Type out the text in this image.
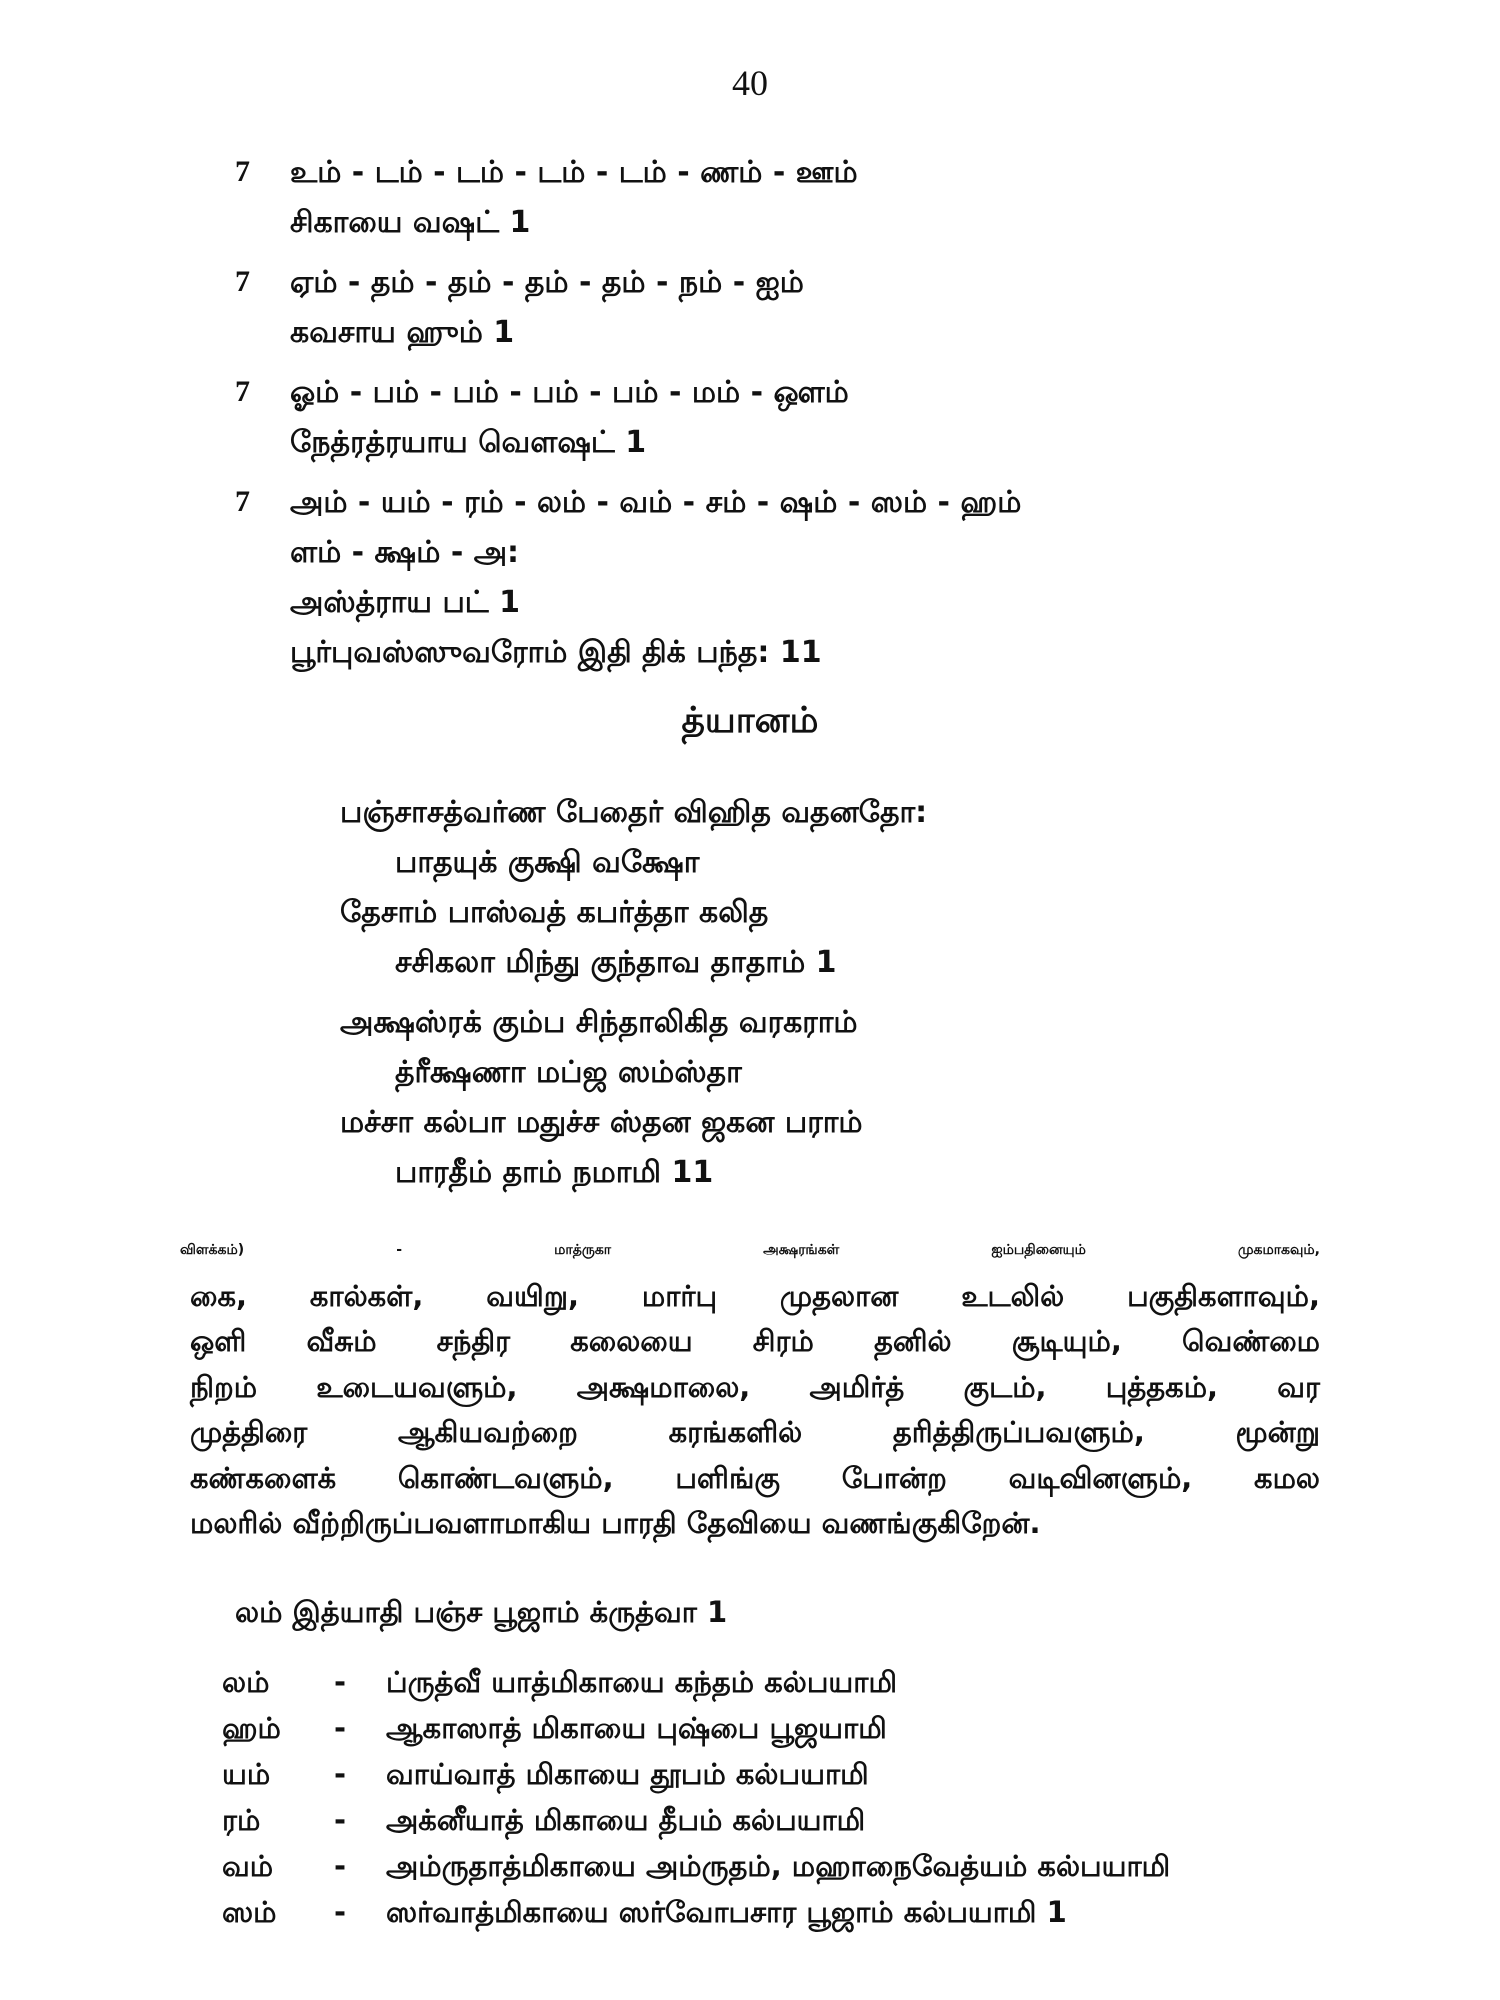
40
7 உம் - டம் - டம் - டம் - டம் - ணம் - ஊம்
சிகாயை வஷட் 1
7 ஏம் - தம் - தம் - தம் - தம் - நம் - ஐம்
கவசாய ஹும் 1
7 ஓம் - பம் - பம் - பம் - பம் - மம் - ஔம்
நேத்ரத்ரயாய வௌஷட் 1
7 அம் - யம் - ரம் - லம் - வம் - சம் - ஷம் - ஸம் - ஹம்
ளம் - க்ஷம் - அ:
அஸ்த்ராய பட் 1
பூர்புவஸ்ஸுவரோம் இதி திக் பந்த: 11
த்யானம்
பஞ்சாசத்வர்ண பேதைர் விஹித வதனதோ:
பாதயுக் குக்ஷி வக்ஷோ
தேசாம் பாஸ்வத் கபர்த்தா கலித
சசிகலா மிந்து குந்தாவ தாதாம் 1
அக்ஷஸ்ரக் கும்ப சிந்தாலிகித வரகராம்
த்ரீக்ஷணா மப்ஜ ஸம்ஸ்தா
மச்சா கல்பா மதுச்ச ஸ்தன ஜகன பராம்
பாரதீம் தாம் நமாமி 11
விளக்கம்) - மாத்ருகா அக்ஷரங்கள் ஐம்பதினையும் முகமாகவும்,
கை, கால்கள், வயிறு, மார்பு முதலான உடலில் பகுதிகளாவும்,
ஒளி வீசும் சந்திர கலையை சிரம் தனில் சூடியும், வெண்மை
நிறம் உடையவளும், அக்ஷமாலை, அமிர்த் குடம், புத்தகம், வர
முத்திரை ஆகியவற்றை கரங்களில் தரித்திருப்பவளும், மூன்று
கண்களைக் கொண்டவளும், பளிங்கு போன்ற வடிவினளும், கமல
மலரில் வீற்றிருப்பவளாமாகிய பாரதி தேவியை வணங்குகிறேன்.
லம் இத்யாதி பஞ்ச பூஜாம் க்ருத்வா 1
லம் - ப்ருத்வீ யாத்மிகாயை கந்தம் கல்பயாமி
ஹம் - ஆகாஸாத் மிகாயை புஷ்பை பூஜயாமி
யம் - வாய்வாத் மிகாயை தூபம் கல்பயாமி
ரம்	- அக்னீயாத் மிகாயை தீபம் கல்பயாமி
வம் - அம்ருதாத்மிகாயை அம்ருதம், மஹாநைவேத்யம் கல்பயாமி
ஸம் - ஸர்வாத்மிகாயை ஸர்வோபசார பூஜாம் கல்பயாமி 1
